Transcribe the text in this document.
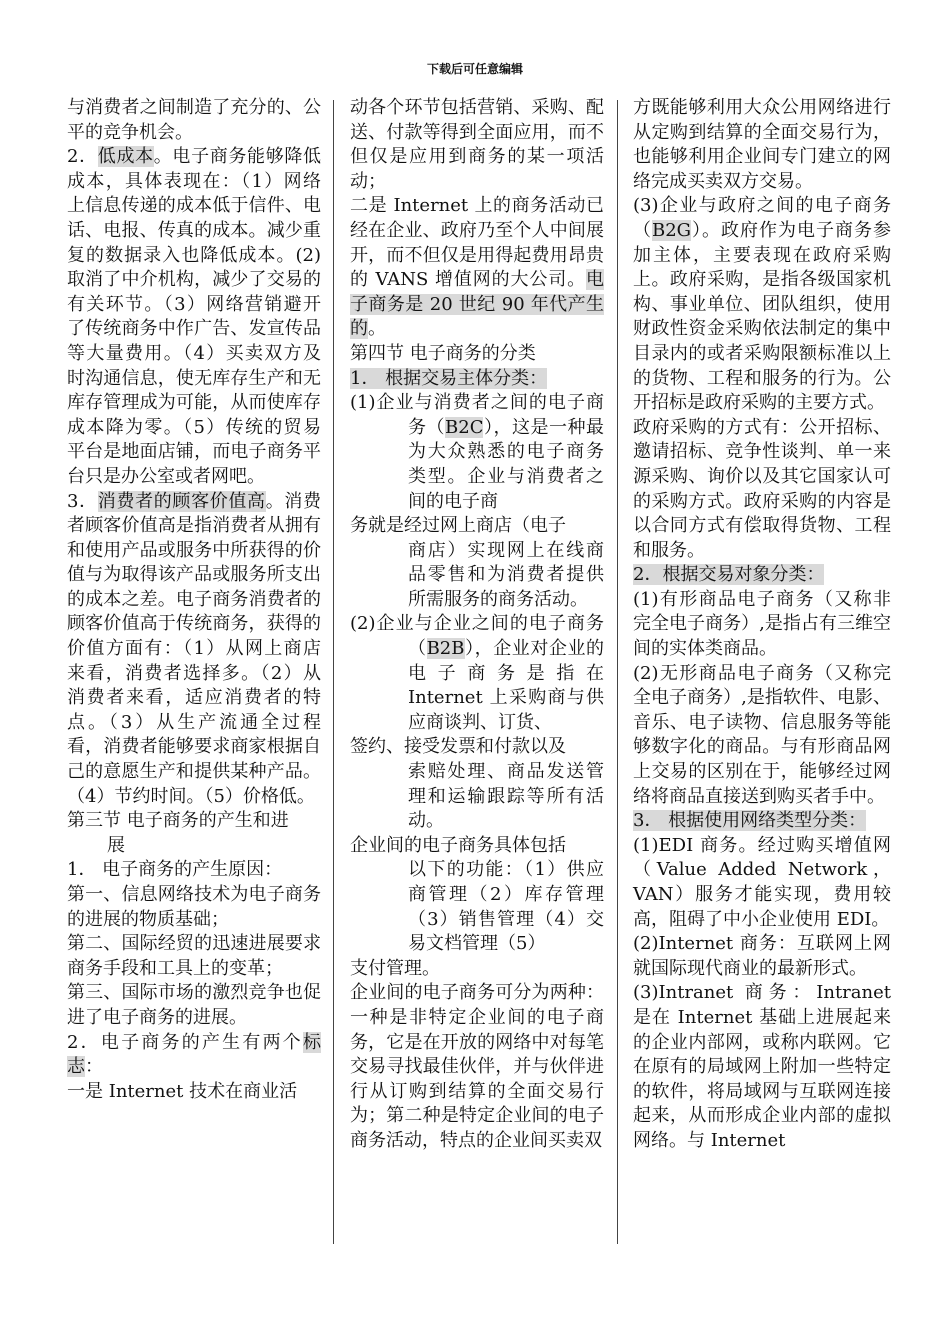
下载后可任意编辑

与消费者之间制造了充分的、公平的竞争机会。

2．低成本。电子商务能够降低成本，具体表现在：（1）网络上信息传递的成本低于信件、电话、电报、传真的成本。减少重复的数据录入也降低成本。(2)取消了中介机构，减少了交易的有关环节。（3）网络营销避开了传统商务中作广告、发宣传品等大量费用。（4）买卖双方及时沟通信息，使无库存生产和无库存管理成为可能，从而使库存成本降为零。（5）传统的贸易平台是地面店铺，而电子商务平台只是办公室或者网吧。

3．消费者的顾客价值高。消费者顾客价值高是指消费者从拥有和使用产品或服务中所获得的价值与为取得该产品或服务所支出的成本之差。电子商务消费者的顾客价值高于传统商务，获得的价值方面有：（1）从网上商店来看，消费者选择多。（2）从消费者来看，适应消费者的特点。（3）从生产流通全过程看，消费者能够要求商家根据自己的意愿生产和提供某种产品。（4）节约时间。（5）价格低。

第三节 电子商务的产生和进

展

1． 电子商务的产生原因：

第一、信息网络技术为电子商务的进展的物质基础；

第二、国际经贸的迅速进展要求商务手段和工具上的变革；

第三、国际市场的激烈竞争也促进了电子商务的进展。

2．电子商务的产生有两个标志：

一是 Internet 技术在商业活

动各个环节包括营销、采购、配送、付款等得到全面应用，而不但仅是应用到商务的某一项活动；

二是 Internet 上的商务活动已经在企业、政府乃至个人中间展开，而不但仅是用得起费用昂贵的 VANS 增值网的大公司。电子商务是 20 世纪 90 年代产生的。

第四节 电子商务的分类

1． 根据交易主体分类：

(1)企业与消费者之间的电子商务（B2C），这是一种最为大众熟悉的电子商务类型。企业与消费者之间的电子商

务就是经过网上商店（电子

商店）实现网上在线商品零售和为消费者提供所需服务的商务活动。

(2)企业与企业之间的电子商务（B2B），企业对企业的电子商务是指在 Internet 上采购商与供应商谈判、订货、

签约、接受发票和付款以及

索赔处理、商品发送管理和运输跟踪等所有活动。

企业间的电子商务具体包括

以下的功能：（1）供应商管理（2）库存管理（3）销售管理（4）交易文档管理（5）

支付管理。

企业间的电子商务可分为两种：一种是非特定企业间的电子商务，它是在开放的网络中对每笔交易寻找最佳伙伴，并与伙伴进行从订购到结算的全面交易行为；第二种是特定企业间的电子商务活动，特点的企业间买卖双

方既能够利用大众公用网络进行从定购到结算的全面交易行为，也能够利用企业间专门建立的网络完成买卖双方交易。

(3)企业与政府之间的电子商务（B2G）。政府作为电子商务参加主体，主要表现在政府采购上。政府采购，是指各级国家机构、事业单位、团队组织，使用财政性资金采购依法制定的集中目录内的或者采购限额标准以上的货物、工程和服务的行为。公开招标是政府采购的主要方式。

政府采购的方式有：公开招标、邀请招标、竞争性谈判、单一来源采购、询价以及其它国家认可的采购方式。政府采购的内容是以合同方式有偿取得货物、工程和服务。

2．根据交易对象分类：

(1)有形商品电子商务（又称非完全电子商务）,是指占有三维空间的实体类商品。

(2)无形商品电子商务（又称完全电子商务）,是指软件、电影、音乐、电子读物、信息服务等能够数字化的商品。与有形商品网上交易的区别在于，能够经过网络将商品直接送到购买者手中。

3． 根据使用网络类型分类：

(1)EDI 商务。经过购买增值网（Value Added Network，VAN）服务才能实现，费用较高，阻碍了中小企业使用 EDI。

(2)Internet 商务：互联网上网就国际现代商业的最新形式。

(3)Intranet 商务：Intranet 是在 Internet 基础上进展起来的企业内部网，或称内联网。它在原有的局域网上附加一些特定的软件，将局域网与互联网连接起来，从而形成企业内部的虚拟网络。与 Internet
